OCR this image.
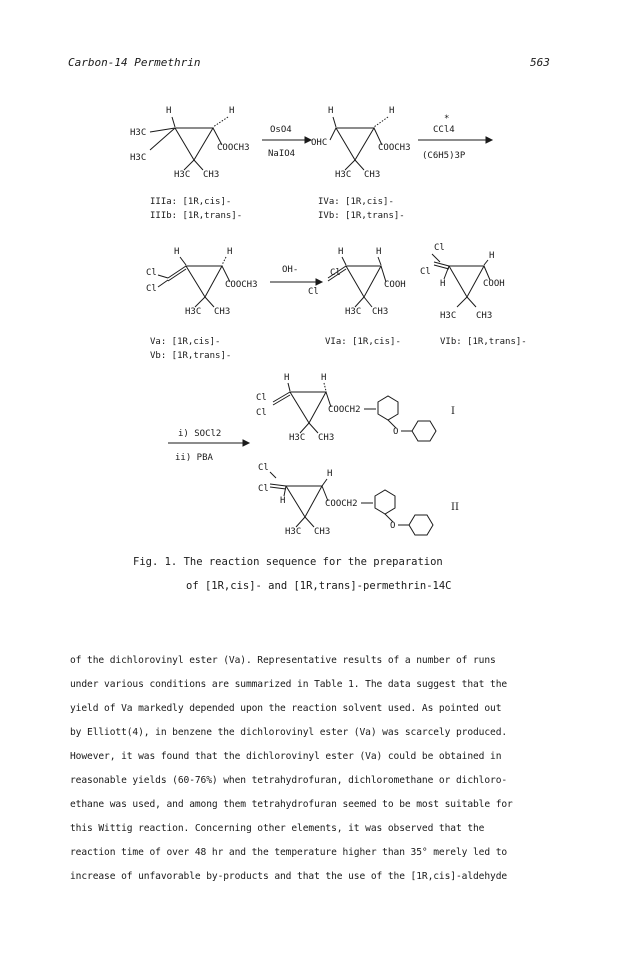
Carbon-14 Permethrin	563
H	H
H3C
H3C
COOCH3
H3C CH3
OsO4
NaIO4
H	H
OHC	COOCH3
H3C CH3
*
CCl4
(C6H5)3P
IIIa: [1R,cis]-
IIIb: [1R,trans]-
IVa: [1R,cis]-
IVb: [1R,trans]-
H	H
Cl
Cl	COOCH3
H3C CH3
OH-
H	H
Cl
Cl
COOH
H3C CH3
Cl
Cl
H
H	COOH
H3C CH3
Va: [1R,cis]-
Vb: [1R,trans]-
VIa: [1R,cis]-	VIb: [1R,trans]-
H	H
Cl
Cl	COOCH2
O
H3C CH3
I
i) SOCl2
ii) PBA
Cl
Cl
H
H	COOCH2
O
H3C CH3
II
Fig. 1. The reaction sequence for the preparation
of [1R,cis]- and [1R,trans]-permethrin-14C
of the dichlorovinyl ester (Va). Representative results of a number of runs
under various conditions are summarized in Table 1. The data suggest that the
yield of Va markedly depended upon the reaction solvent used. As pointed out
by Elliott(4), in benzene the dichlorovinyl ester (Va) was scarcely produced.
However, it was found that the dichlorovinyl ester (Va) could be obtained in
reasonable yields (60-76%) when tetrahydrofuran, dichloromethane or dichloro-
ethane was used, and among them tetrahydrofuran seemed to be most suitable for
this Wittig reaction. Concerning other elements, it was observed that the
reaction time of over 48 hr and the temperature higher than 35° merely led to
increase of unfavorable by-products and that the use of the [1R,cis]-aldehyde
